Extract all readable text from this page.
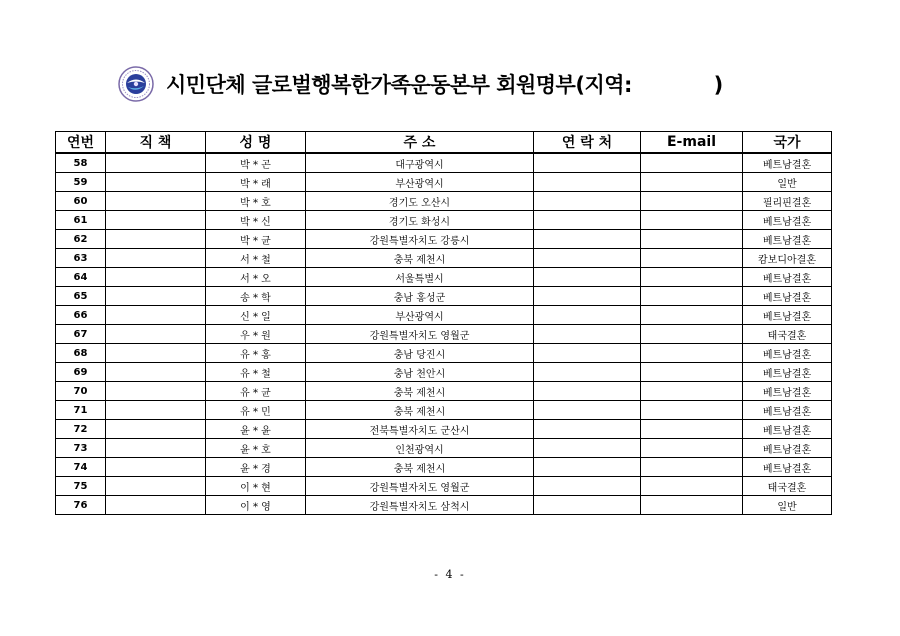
시민단체 글로벌행복한가족운동본부 회원명부(지역:            )
연번	직 책	성 명	주 소	연 락 처	E-mail	국가
58		박 * 곤	대구광역시			베트남결혼
59		박 * 래	부산광역시			일반
60		박 * 호	경기도 오산시			필리핀결혼
61		박 * 신	경기도 화성시			베트남결혼
62		박 * 균	강원특별자치도 강릉시			베트남결혼
63		서 * 철	충북 제천시			캄보디아결혼
64		서 * 오	서울특별시			베트남결혼
65		송 * 학	충남 홍성군			베트남결혼
66		신 * 일	부산광역시			베트남결혼
67		우 * 원	강원특별자치도 영월군			태국결혼
68		유 * 홍	충남 당진시			베트남결혼
69		유 * 철	충남 천안시			베트남결혼
70		유 * 균	충북 제천시			베트남결혼
71		유 * 민	충북 제천시			베트남결혼
72		윤 * 윤	전북특별자치도 군산시			베트남결혼
73		윤 * 호	인천광역시			베트남결혼
74		윤 * 경	충북 제천시			베트남결혼
75		이 * 현	강원특별자치도 영월군			태국결혼
76		이 * 영	강원특별자치도 삼척시			일반
- 4 -
